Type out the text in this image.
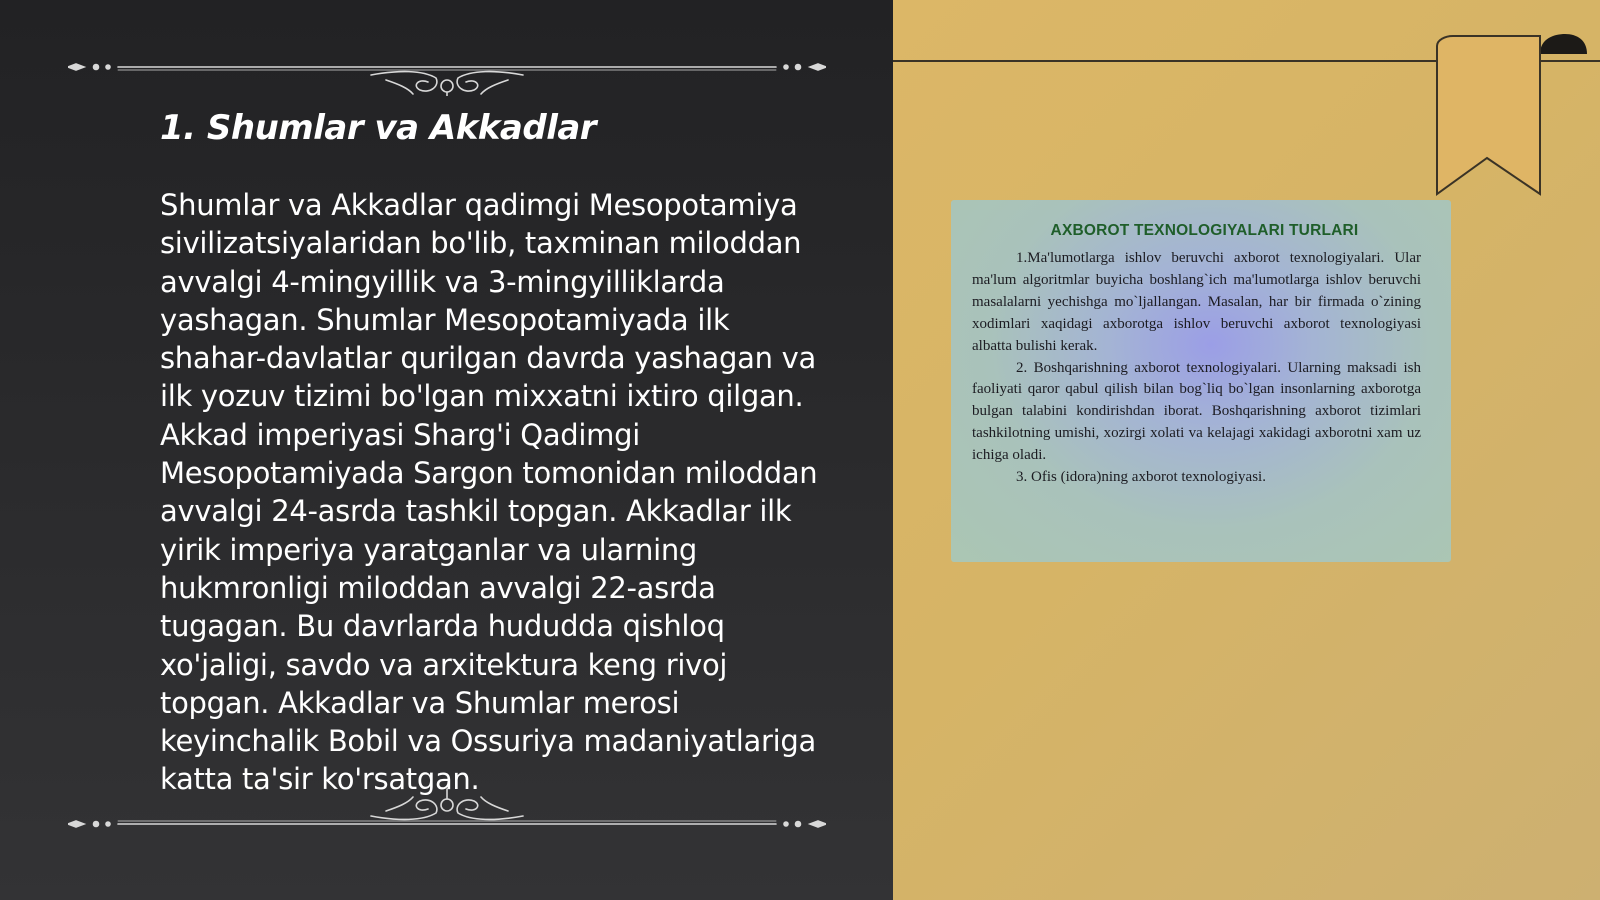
1. Shumlar va Akkadlar
Shumlar va Akkadlar qadimgi Mesopotamiya sivilizatsiyalaridan bo'lib, taxminan miloddan avvalgi 4-mingyillik va 3-mingyilliklarda yashagan. Shumlar Mesopotamiyada ilk shahar-davlatlar qurilgan davrda yashagan va ilk yozuv tizimi bo'lgan mixxatni ixtiro qilgan. Akkad imperiyasi Sharg'i Qadimgi Mesopotamiyada Sargon tomonidan miloddan avvalgi 24-asrda tashkil topgan. Akkadlar ilk yirik imperiya yaratganlar va ularning hukmronligi miloddan avvalgi 22-asrda tugagan. Bu davrlarda hududda qishloq xo'jaligi, savdo va arxitektura keng rivoj topgan. Akkadlar va Shumlar merosi keyinchalik Bobil va Ossuriya madaniyatlariga katta ta'sir ko'rsatgan.
AXBOROT TEXNOLOGIYALARI TURLARI

1.Ma'lumotlarga ishlov beruvchi axborot texnologiyalari. Ular ma'lum algoritmlar buyicha boshlang`ich ma'lumotlarga ishlov beruvchi masalalarni yechishga mo`ljallangan. Masalan, har bir firmada o`zining xodimlari xaqidagi axborotga ishlov beruvchi axborot texnologiyasi albatta bulishi kerak.

2. Boshqarishning axborot texnologiyalari. Ularning maksadi ish faoliyati qaror qabul qilish bilan bog`liq bo`lgan insonlarning axborotga bulgan talabini kondirishdan iborat. Boshqarishning axborot tizimlari tashkilotning umishi, xozirgi xolati va kelajagi xakidagi axborotni xam uz ichiga oladi.

3. Ofis (idora)ning axborot texnologiyasi.
